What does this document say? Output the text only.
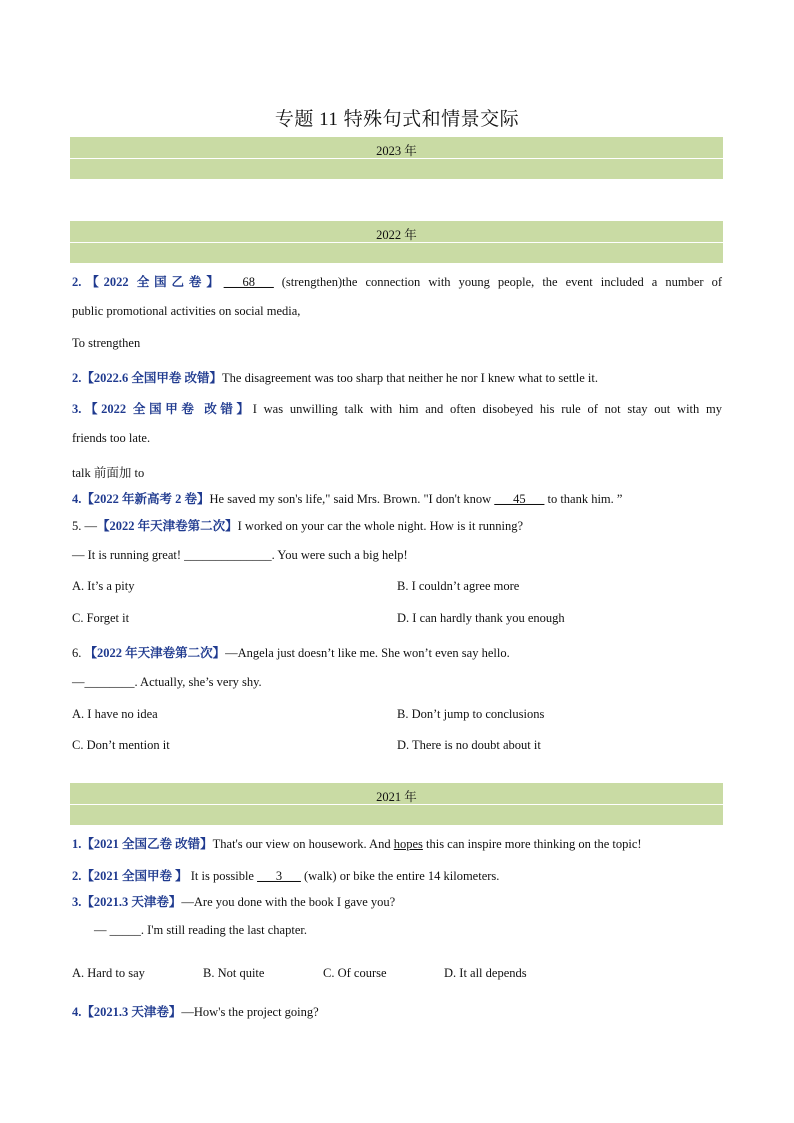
专题 11 特殊句式和情景交际
2023 年
2022 年
2.【2022 全国乙卷】___68___ (strengthen)the connection with young people, the event included a number of
public promotional activities on social media,
To strengthen
2.【2022.6 全国甲卷 改错】The disagreement was too sharp that neither he nor I knew what to settle it.
3.【2022 全国甲卷 改错】I was unwilling talk with him and often disobeyed his rule of not stay out with my
friends too late.
talk 前面加 to
4.【2022 年新高考 2 卷】He saved my son's life," said Mrs. Brown. "I don't know ___45___ to thank him. ”
5. —【2022 年天津卷第二次】I worked on your car the whole night. How is it running?
— It is running great! ______________. You were such a big help!
A. It’s a pity	B. I couldn’t agree more
C. Forget it	D. I can hardly thank you enough
6. 【2022 年天津卷第二次】—Angela just doesn’t like me. She won’t even say hello.
—________. Actually, she’s very shy.
A. I have no idea	B. Don’t jump to conclusions
C. Don’t mention it	D. There is no doubt about it
2021 年
1.【2021 全国乙卷 改错】That's our view on housework. And hopes this can inspire more thinking on the topic!
2.【2021 全国甲卷 】 It is possible ___3___ (walk) or bike the entire 14 kilometers.
3.【2021.3 天津卷】—Are you done with the book I gave you?
— _____. I'm still reading the last chapter.
A. Hard to say	B. Not quite	C. Of course	D. It all depends
4.【2021.3 天津卷】—How's the project going?
